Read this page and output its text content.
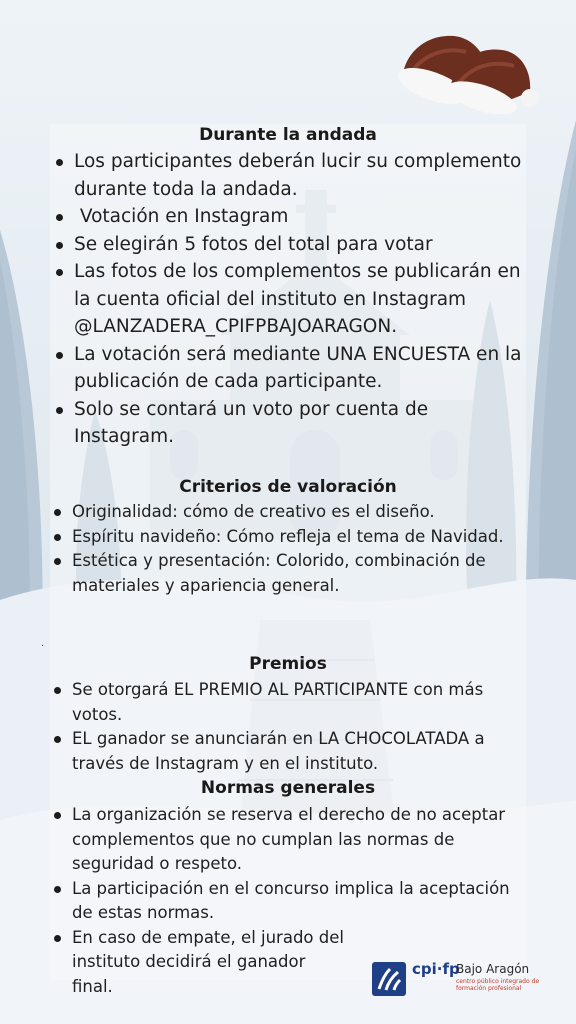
Durante la andada
Los participantes deberán lucir su complemento durante toda la andada.
Votación en Instagram
Se elegirán 5 fotos del total para votar
Las fotos de los complementos se publicarán en la cuenta oficial del instituto en Instagram @LANZADERA_CPIFPBAJOARAGON.
La votación será mediante UNA ENCUESTA en la publicación de cada participante.
Solo se contará un voto por cuenta de Instagram.
Criterios de valoración
Originalidad: cómo de creativo es el diseño.
Espíritu navideño: Cómo refleja el tema de Navidad.
Estética y presentación: Colorido, combinación de materiales y apariencia general.
.
Premios
Se otorgará EL PREMIO AL PARTICIPANTE con más votos.
EL ganador se anunciarán en LA CHOCOLATADA a través de Instagram y en el instituto.
Normas generales
La organización se reserva el derecho de no aceptar complementos que no cumplan las normas de seguridad o respeto.
La participación en el concurso implica la aceptación de estas normas.
En caso de empate, el jurado del instituto decidirá el ganador final.
cpi·fp
Bajo Aragón
centro público integrado de formación profesional
